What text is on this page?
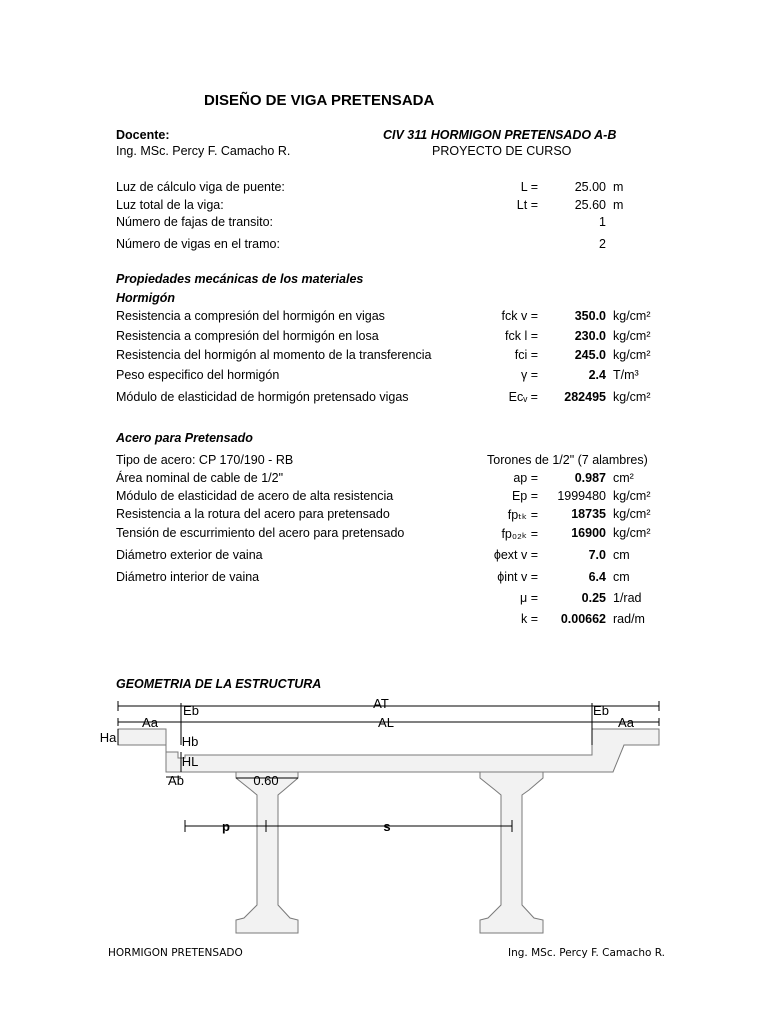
DISEÑO DE VIGA PRETENSADA
Docente:
Ing. MSc. Percy F. Camacho R.
CIV 311 HORMIGON PRETENSADO A-B
PROYECTO DE CURSO
Luz de cálculo viga de puente:	L =	25.00 m
Luz total de la viga:	Lt =	25.60 m
Número de fajas de transito:	1
Número de vigas en el tramo:	2
Propiedades mecánicas de los materiales
Hormigón
Resistencia a compresión del hormigón en vigas	fck v =	350.0 kg/cm²
Resistencia a compresión del hormigón en losa	fck l =	230.0 kg/cm²
Resistencia del hormigón al momento de la transferencia	fci =	245.0 kg/cm²
Peso especifico del hormigón	γ =	2.4 T/m³
Módulo de elasticidad de hormigón pretensado vigas	Ecᵥ =	282495 kg/cm²
Acero para Pretensado
Tipo de acero: CP 170/190 - RB	Torones de 1/2" (7 alambres)
Área nominal de cable de 1/2"	ap =	0.987 cm²
Módulo de elasticidad de acero de alta resistencia	Ep =	1999480 kg/cm²
Resistencia a la rotura del acero para pretensado	fpₜₖ =	18735 kg/cm²
Tensión de escurrimiento del acero para pretensado	fp₀₂ₖ =	16900 kg/cm²
Diámetro exterior de vaina	ϕext v =	7.0 cm
Diámetro interior de vaina	ϕint v =	6.4 cm
μ =	0.25 1/rad
k =	0.00662 rad/m
GEOMETRIA DE LA ESTRUCTURA
AT
AL
Aa	Aa
Eb	Eb
Ha	Hb
HL
Ab	0.60
p	s
HORMIGON PRETENSADO	Ing. MSc. Percy F. Camacho R.
